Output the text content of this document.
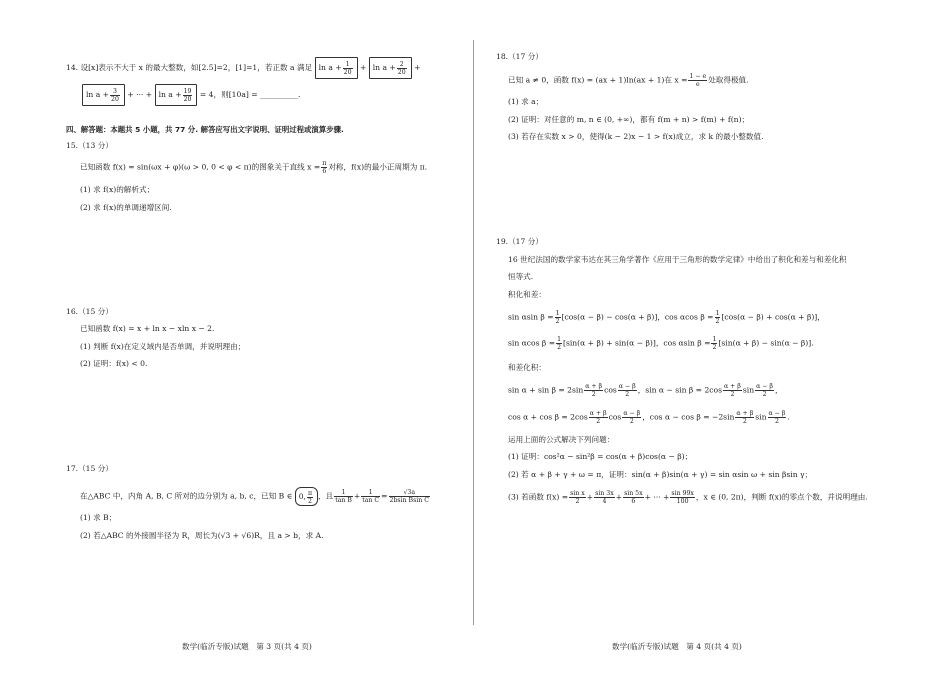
14. 设[x]表示不大于 x 的最大整数，如[2.5]=2，[1]=1，若正数 a 满足 $\ln a + \frac{1}{20} + \ln a + \frac{2}{20}$ +
$\ln a + \frac{3}{20}$ + ··· + $\ln a + \frac{19}{20} = 4$，则[10a] = __________.
四、解答题：本题共 5 小题，共 77 分. 解答应写出文字说明、证明过程或演算步骤.
15.（13 分）
已知函数 f(x) = sin(ωx + φ)(ω > 0, 0 < φ < π)的图象关于直线 $x = \frac{\pi}{6}$ 对称，f(x)的最小正周期为 π.
(1) 求 f(x)的解析式；
(2) 求 f(x)的单调递增区间.
16.（15 分）
已知函数 f(x) = x + ln x − xln x − 2.
(1) 判断 f(x)在定义域内是否单调，并说明理由；
(2) 证明：f(x) < 0.
17.（15 分）
在△ABC 中，内角 A, B, C 所对的边分别为 a, b, c，已知 B ∈ 0, $\frac{\pi}{2}$ ，且 $\frac{1}{\text{tan B}} + \frac{1}{\text{tan C}} = \frac{√3a}{\text{2bsin Bsin C}}$
(1) 求 B；
(2) 若△ABC 的外接圆半径为 R，周长为(√3 + √6)R，且 a > b，求 A.
数学(临沂专版)试题　第 3 页(共 4 页)
18.（17 分）
已知 a ≠ 0，函数 f(x) = (ax + 1)ln(ax + 1)在 $x = \frac{1 - e}{e}$ 处取得极值.
(1) 求 a；
(2) 证明：对任意的 m, n ∈ (0, +∞)，都有 f(m + n) > f(m) + f(n)；
(3) 若存在实数 x > 0，使得(k − 2)x − 1 > f(x)成立，求 k 的最小整数值.
19.（17 分）
16 世纪法国的数学家韦达在其三角学著作《应用于三角形的数学定律》中给出了积化和差与和差化积
恒等式.
积化和差：
sin αsin $\beta = \frac{1}{2} [\cos(\alpha - \beta) - \cos(\alpha + \beta)]$，cos αcos $\beta = \frac{1}{2} [\cos(\alpha - \beta) + \cos(\alpha + \beta)]$，
sin αcos $\beta = \frac{1}{2} [\sin(\alpha + \beta) + \sin(\alpha - \beta)]$，cos αsin $\beta = \frac{1}{2} [\sin(\alpha + \beta) - \sin(\alpha - \beta)]$.
和差化积：
$\sin \alpha + \sin \beta = 2\sin \frac{\alpha + \beta}{2}$ $\cos \frac{\alpha - \beta}{2}$ ，$\sin \alpha - \sin \beta = 2\cos \frac{\alpha + \beta}{2}$ $\sin \frac{\alpha - \beta}{2}$ ，
$\cos \alpha + \cos \beta = 2\cos \frac{\alpha + \beta}{2}$ $\cos \frac{\alpha - \beta}{2}$ ，$\cos \alpha - \cos \beta = -2\sin \frac{\alpha + \beta}{2}$ $\sin \frac{\alpha - \beta}{2}$ .
运用上面的公式解决下列问题：
(1) 证明：cos²α − sin²β = cos(α + β)cos(α − β)；
(2) 若 α + β + γ + ω = π，证明：sin(α + β)sin(α + γ) = sin αsin ω + sin βsin γ；
(3) 若函数 $f(x) = \frac{\text{sin x}}{2} + \frac{\sin 3x}{4} + \frac{\sin 5x}{6}$ + ··· + $\frac{\sin 99x}{100}$ ，x ∈ (0, 2π)，判断 f(x)的零点个数，并说明理由.
数学(临沂专版)试题　第 4 页(共 4 页)
